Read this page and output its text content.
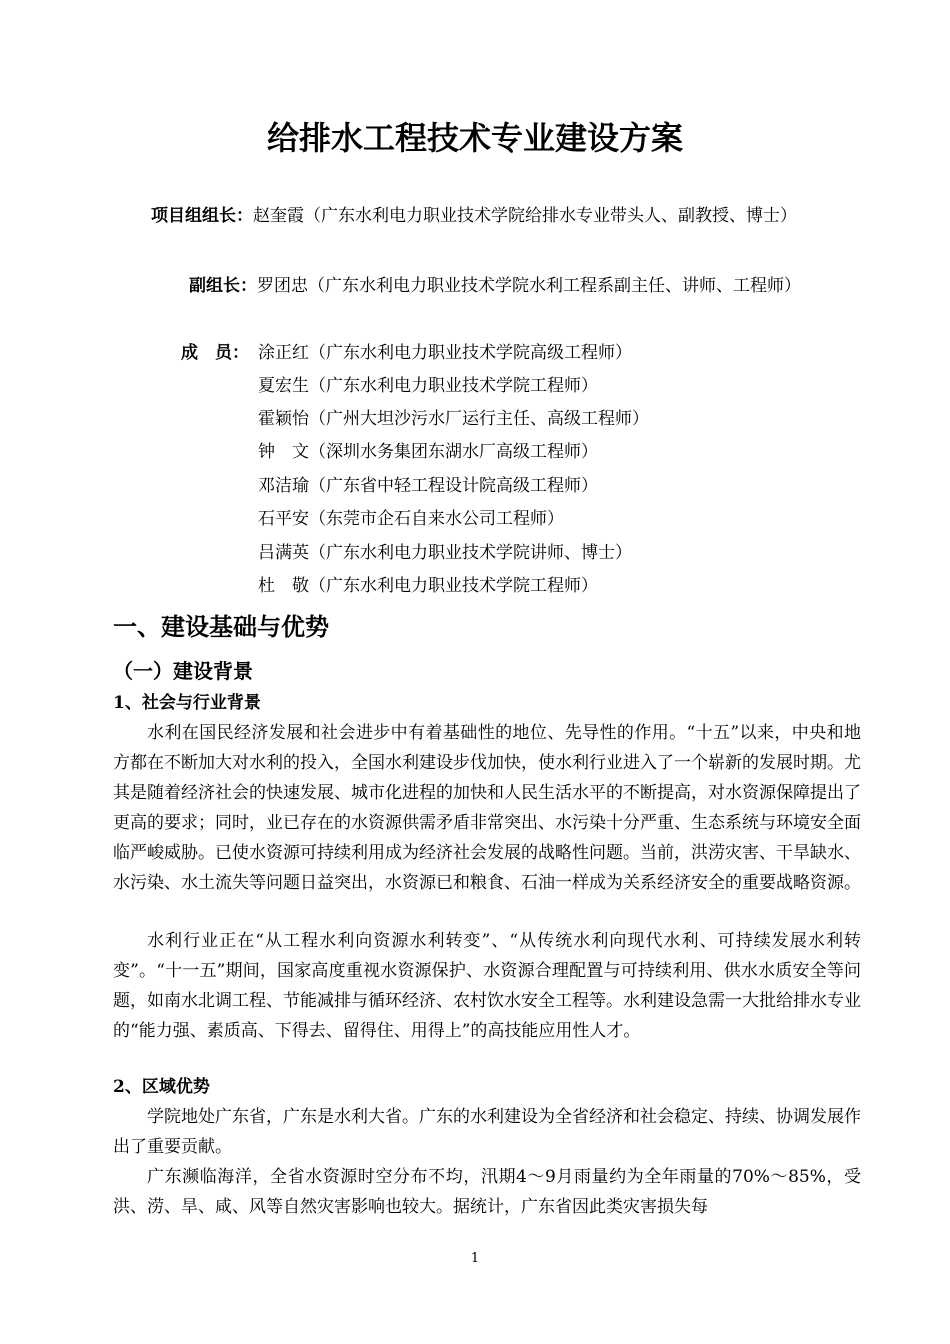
给排水工程技术专业建设方案
项目组组长：赵奎霞（广东水利电力职业技术学院给排水专业带头人、副教授、博士）
副组长：罗团忠（广东水利电力职业技术学院水利工程系副主任、讲师、工程师）
成　员： 涂正红（广东水利电力职业技术学院高级工程师）
夏宏生（广东水利电力职业技术学院工程师）
霍颖怡（广州大坦沙污水厂运行主任、高级工程师）
钟　文（深圳水务集团东湖水厂高级工程师）
邓洁瑜（广东省中轻工程设计院高级工程师）
石平安（东莞市企石自来水公司工程师）
吕满英（广东水利电力职业技术学院讲师、博士）
杜　敬（广东水利电力职业技术学院工程师）
一、建设基础与优势
（一）建设背景
1、社会与行业背景
水利在国民经济发展和社会进步中有着基础性的地位、先导性的作用。“十五”以来，中央和地方都在不断加大对水利的投入，全国水利建设步伐加快，使水利行业进入了一个崭新的发展时期。尤其是随着经济社会的快速发展、城市化进程的加快和人民生活水平的不断提高，对水资源保障提出了更高的要求；同时，业已存在的水资源供需矛盾非常突出、水污染十分严重、生态系统与环境安全面临严峻威胁。已使水资源可持续利用成为经济社会发展的战略性问题。当前，洪涝灾害、干旱缺水、水污染、水土流失等问题日益突出，水资源已和粮食、石油一样成为关系经济安全的重要战略资源。
水利行业正在“从工程水利向资源水利转变”、“从传统水利向现代水利、可持续发展水利转变”。“十一五”期间，国家高度重视水资源保护、水资源合理配置与可持续利用、供水水质安全等问题，如南水北调工程、节能减排与循环经济、农村饮水安全工程等。水利建设急需一大批给排水专业的“能力强、素质高、下得去、留得住、用得上”的高技能应用性人才。
2、区域优势
学院地处广东省，广东是水利大省。广东的水利建设为全省经济和社会稳定、持续、协调发展作出了重要贡献。
广东濒临海洋，全省水资源时空分布不均，汛期4～9月雨量约为全年雨量的70%～85%，受洪、涝、旱、咸、风等自然灾害影响也较大。据统计，广东省因此类灾害损失每
1
